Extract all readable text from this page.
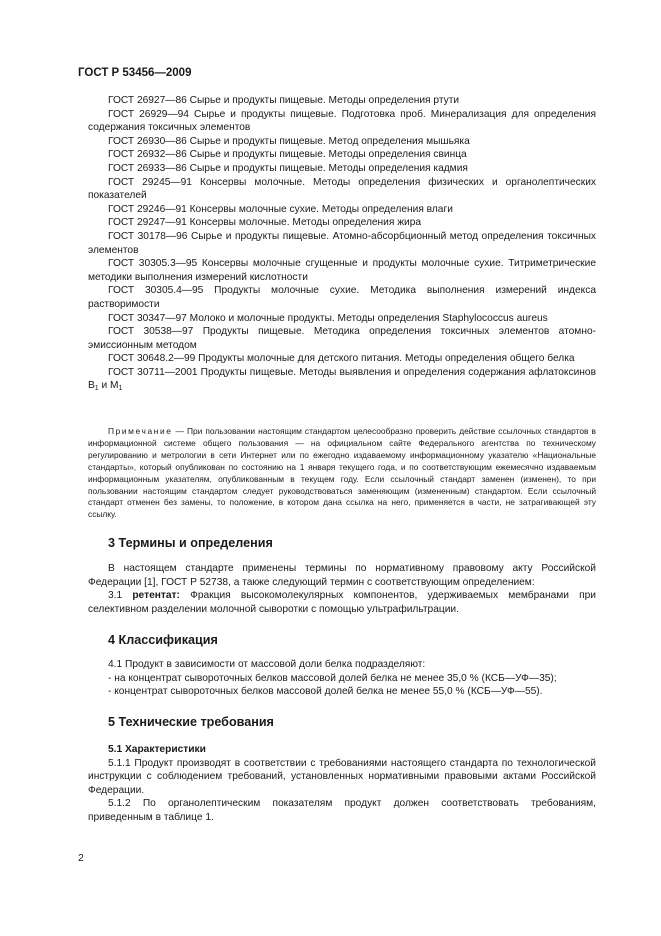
ГОСТ Р 53456—2009

ГОСТ 26927—86 Сырье и продукты пищевые. Методы определения ртути

ГОСТ 26929—94 Сырье и продукты пищевые. Подготовка проб. Минерализация для определения содержания токсичных элементов

ГОСТ 26930—86 Сырье и продукты пищевые. Метод определения мышьяка

ГОСТ 26932—86 Сырье и продукты пищевые. Методы определения свинца

ГОСТ 26933—86 Сырье и продукты пищевые. Методы определения кадмия

ГОСТ 29245—91 Консервы молочные. Методы определения физических и органолептических показателей

ГОСТ 29246—91 Консервы молочные сухие. Методы определения влаги

ГОСТ 29247—91 Консервы молочные. Методы определения жира

ГОСТ 30178—96 Сырье и продукты пищевые. Атомно-абсорбционный метод определения токсичных элементов

ГОСТ 30305.3—95 Консервы молочные сгущенные и продукты молочные сухие. Титриметрические методики выполнения измерений кислотности

ГОСТ 30305.4—95 Продукты молочные сухие. Методика выполнения измерений индекса растворимости

ГОСТ 30347—97 Молоко и молочные продукты. Методы определения Staphylococcus aureus

ГОСТ 30538—97 Продукты пищевые. Методика определения токсичных элементов атомно-эмиссионным методом

ГОСТ 30648.2—99 Продукты молочные для детского питания. Методы определения общего белка

ГОСТ 30711—2001 Продукты пищевые. Методы выявления и определения содержания афлатоксинов $B_1$ и $M_1$

Примечание — При пользовании настоящим стандартом целесообразно проверить действие ссылочных стандартов в информационной системе общего пользования — на официальном сайте Федерального агентства по техническому регулированию и метрологии в сети Интернет или по ежегодно издаваемому информационному указателю «Национальные стандарты», который опубликован по состоянию на 1 января текущего года, и по соответствующим ежемесячно издаваемым информационным указателям, опубликованным в текущем году. Если ссылочный стандарт заменен (изменен), то при пользовании настоящим стандартом следует руководствоваться заменяющим (измененным) стандартом. Если ссылочный стандарт отменен без замены, то положение, в котором дана ссылка на него, применяется в части, не затрагивающей эту ссылку.
3 Термины и определения

В настоящем стандарте применены термины по нормативному правовому акту Российской Федерации [1], ГОСТ Р 52738, а также следующий термин с соответствующим определением:

3.1 ретентат: Фракция высокомолекулярных компонентов, удерживаемых мембранами при селективном разделении молочной сыворотки с помощью ультрафильтрации.

4 Классификация

4.1 Продукт в зависимости от массовой доли белка подразделяют:

- на концентрат сывороточных белков массовой долей белка не менее 35,0 % (КСБ—УФ—35);

- концентрат сывороточных белков массовой долей белка не менее 55,0 % (КСБ—УФ—55).

5 Технические требования

5.1 Характеристики

5.1.1 Продукт производят в соответствии с требованиями настоящего стандарта по технологической инструкции с соблюдением требований, установленных нормативными правовыми актами Российской Федерации.

5.1.2 По органолептическим показателям продукт должен соответствовать требованиям, приведенным в таблице 1.

2
